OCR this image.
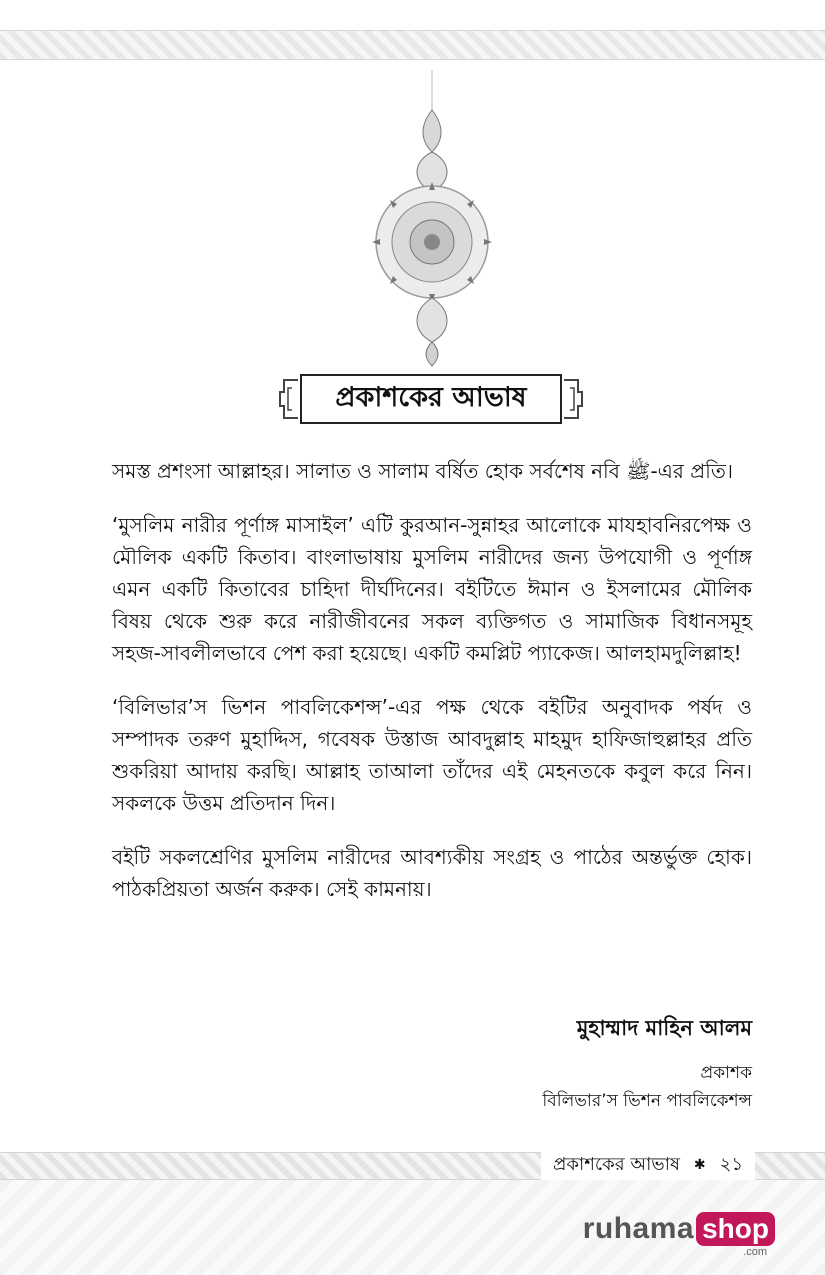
প্রকাশকের আভাষ

সমস্ত প্রশংসা আল্লাহর। সালাত ও সালাম বর্ষিত হোক সর্বশেষ নবি ﷺ-এর প্রতি।

‘মুসলিম নারীর পূর্ণাঙ্গ মাসাইল’ এটি কুরআন-সুন্নাহর আলোকে মাযহাবনিরপেক্ষ ও মৌলিক একটি কিতাব। বাংলাভাষায় মুসলিম নারীদের জন্য উপযোগী ও পূর্ণাঙ্গ এমন একটি কিতাবের চাহিদা দীর্ঘদিনের। বইটিতে ঈমান ও ইসলামের মৌলিক বিষয় থেকে শুরু করে নারীজীবনের সকল ব্যক্তিগত ও সামাজিক বিধানসমূহ সহজ-সাবলীলভাবে পেশ করা হয়েছে। একটি কমপ্লিট প্যাকেজ। আলহামদুলিল্লাহ!

‘বিলিভার’স ভিশন পাবলিকেশন্স’-এর পক্ষ থেকে বইটির অনুবাদক পর্ষদ ও সম্পাদক তরুণ মুহাদ্দিস, গবেষক উস্তাজ আবদুল্লাহ মাহমুদ হাফিজাহুল্লাহর প্রতি শুকরিয়া আদায় করছি। আল্লাহ তাআলা তাঁদের এই মেহনতকে কবুল করে নিন। সকলকে উত্তম প্রতিদান দিন।

বইটি সকলশ্রেণির মুসলিম নারীদের আবশ্যকীয় সংগ্রহ ও পাঠের অন্তর্ভুক্ত হোক। পাঠকপ্রিয়তা অর্জন করুক। সেই কামনায়।

মুহাম্মাদ মাহিন আলম
প্রকাশক
বিলিভার’স ভিশন পাবলিকেশন্স
প্রকাশকের আভাষ ✱ ২১
ruhama shop
.com
